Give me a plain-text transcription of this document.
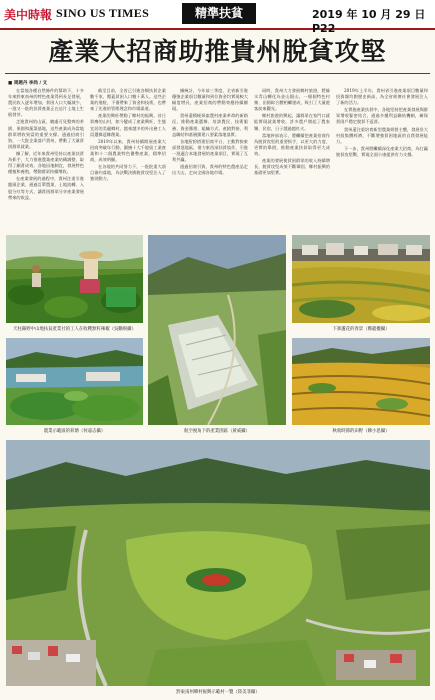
美中時報 SINO US TIMES	精準扶貧	2019 年 10 月 29 日 P22
產業大招商助推貴州脫貧攻堅
■ 周趙丹 李尚 / 文

在當地各種自然條件的幫助下，十多年來黔東南州的特色產業得到長足發展，農民收入逐年增加，貧困人口大幅減少，一批又一批的扶貧產業正在這片土地上生根發芽。

走進貴州的山區，隨處可見整齊的茶園、果園和蔬菜基地，這些產業成為當地群眾增收致富的重要支撐。通過招商引資，一大批企業落戶貴州，帶動了大量貧困群眾就業。

據了解，近年來貴州堅持以產業扶貧為抓手，大力推進農業產業結構調整，取得了顯著成效。各地因地制宜，發展特色種植和養殖，帶動群眾持續增收。

在產業發展的過程中，貴州注重引進龍頭企業，通過訂單農業、土地流轉、入股分紅等方式，讓貧困群眾分享產業發展帶來的收益。

截至目前，全省已引進各類扶貧企業數千家，覆蓋貧困人口數十萬人。這些企業的進駐，不僅帶來了資金和技術，也帶來了先進的管理理念和市場渠道。

產業的興旺帶動了鄉村的振興。昔日貧瘠的山村，如今變成了產業興旺、生態宜居的美麗鄉村。越來越多的外出務工人員選擇返鄉創業。

2019年以來，貴州持續開展產業大招商突破年行動，圍繞十大千億級工業產業和十二個農業特色優勢產業，精準招商，成效明顯。

在各地的共同努力下，一批批重大項目簽約落地，為決戰決勝脫貧攻堅注入了強勁動力。

據統計，今年前三季度，全省新引進優強企業項目數量和到位資金均實現較大幅度增長，產業招商的帶動效應持續顯現。

貴州還積極探索農村產業革命的新路徑，推動產業選擇、培訓農民、技術服務、資金籌措、組織方式、產銷對接、利益聯結和基層黨建八要素落地落實。

各地紛紛搭建招商平台，主動對接東部發達地區，借力東西部扶貧協作，引進一批適合本地發展的產業項目，實現了互利共贏。

通過招商引資，貴州的特色農產品走出大山，走向全國各地市場。

同時，貴州大力發展鄉村旅遊，將綠水青山轉化為金山銀山。一個個特色村寨、田園綜合體相繼建成，吸引了大量遊客前來觀光。

鄉村旅遊的興起，讓群眾在家門口就能實現就業增收。許多農戶開起了農家樂、民宿，日子越過越紅火。

當地幹部表示，將繼續把產業招商作為脫貧攻堅的重要抓手，以更大的力度、更實的舉措，推動產業扶貧取得更大成效。

產業的發展使貧困群眾的收入持續增長，脫貧攻堅成果不斷鞏固，鄉村振興的基礎更加堅實。

2019年上半年，貴州省引進產業項目數量和投資額均創歷史新高，為全省經濟社會發展注入了新的活力。

在實施產業扶貧中，各地堅持把產業發展與群眾增收緊密結合，通過多種利益聯結機制，確保貧困戶穩定脫貧不返貧。

貴州還注重培育新型農業經營主體，發展壯大村級集體經濟，不斷增強貧困地區的自我發展能力。

下一步，貴州將繼續深化產業大招商，為打贏脫貧攻堅戰、實現全面小康提供有力支撐。

天柱縣野中山地扶貧產業社的工人在收穫無籽辣椒（吳鵬飛攝）
航空視角下的產業園區（黃威攝）
下寨蘆花的春景（鄭龍權攝）
農業示範區的荷塘（何遠志攝）	秋收時節的田野（陳小思攝）
黔東南州鄉村振興示範村一覽（陸美菲攝）
